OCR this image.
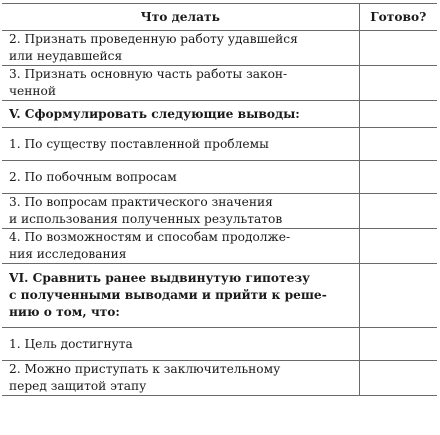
Что делать	Готово?

2. Признать проведенную работу удавшейся
или неудавшейся	

3. Признать основную часть работы закон-
ченной	

V. Сформулировать следующие выводы:	

1. По существу поставленной проблемы	

2. По побочным вопросам	

3. По вопросам практического значения
и использования полученных результатов	

4. По возможностям и способам продолже-
ния исследования	

VI. Сравнить ранее выдвинутую гипотезу
с полученными выводами и прийти к реше-
нию о том, что:	

1. Цель достигнута	

2. Можно приступать к заключительному
перед защитой этапу	
